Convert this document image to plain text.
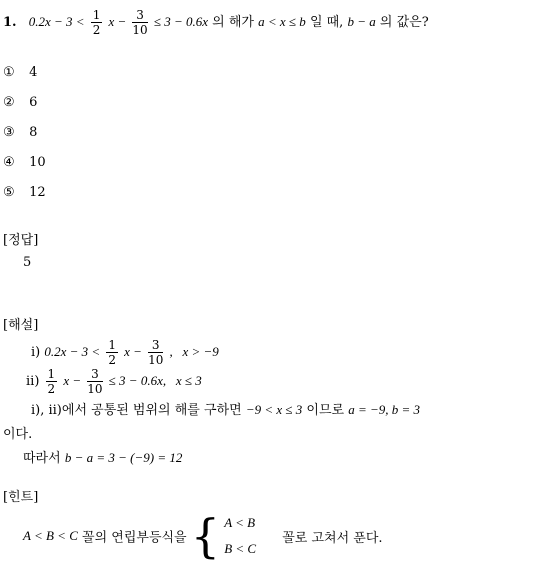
1. $0.2x - 3 < \frac{1}{2}$ $x - \frac{3}{10} \le 3 - 0.6x$ 의 해가 a < x ≤ b 일 때, b − a 의 값은?
① 4
② 6
③ 8
④ 10
⑤ 12
[정답]
5
[해설]
ⅰ) $0.2x - 3 < \frac{1}{2}$ $x - \frac{3}{10}$ ,   x > −9
ⅱ) $\frac{1}{2}$ $x - \frac{3}{10} \le 3 - 0.6x$,   x ≤ 3
ⅰ), ⅱ)에서 공통된 범위의 해를 구하면 −9 < x ≤ 3 이므로 a = −9, b = 3
이다.
따라서 b − a = 3 − (−9) = 12
[힌트]
A < B < C 꼴의 연립부등식을 { A < B
B < C
꼴로 고쳐서 푼다.
